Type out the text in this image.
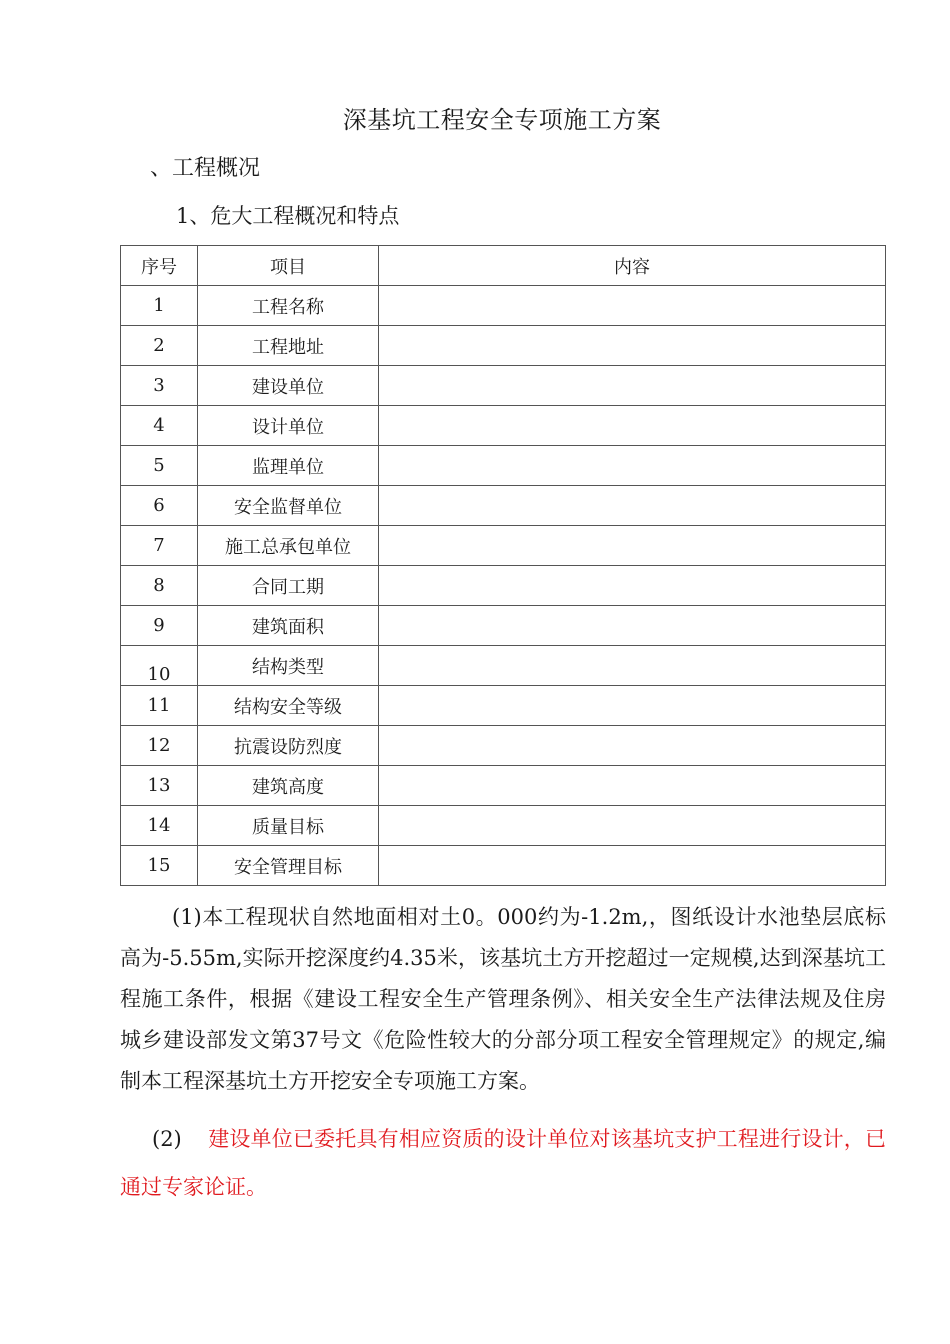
深基坑工程安全专项施工方案
、工程概况
1、危大工程概况和特点
序号	项目	内容
1	工程名称	
2	工程地址	
3	建设单位	
4	设计单位	
5	监理单位	
6	安全监督单位	
7	施工总承包单位	
8	合同工期	
9	建筑面积	
10	结构类型	
11	结构安全等级	
12	抗震设防烈度	
13	建筑高度	
14	质量目标	
15	安全管理目标	
(1)本工程现状自然地面相对土0。000约为-1.2m,，图纸设计水池垫层底标高为-5.55m,实际开挖深度约4.35米，该基坑土方开挖超过一定规模,达到深基坑工程施工条件，根据《建设工程安全生产管理条例》、相关安全生产法律法规及住房城乡建设部发文第37号文《危险性较大的分部分项工程安全管理规定》的规定,编制本工程深基坑土方开挖安全专项施工方案。
(2) 建设单位已委托具有相应资质的设计单位对该基坑支护工程进行设计，已通过专家论证。
